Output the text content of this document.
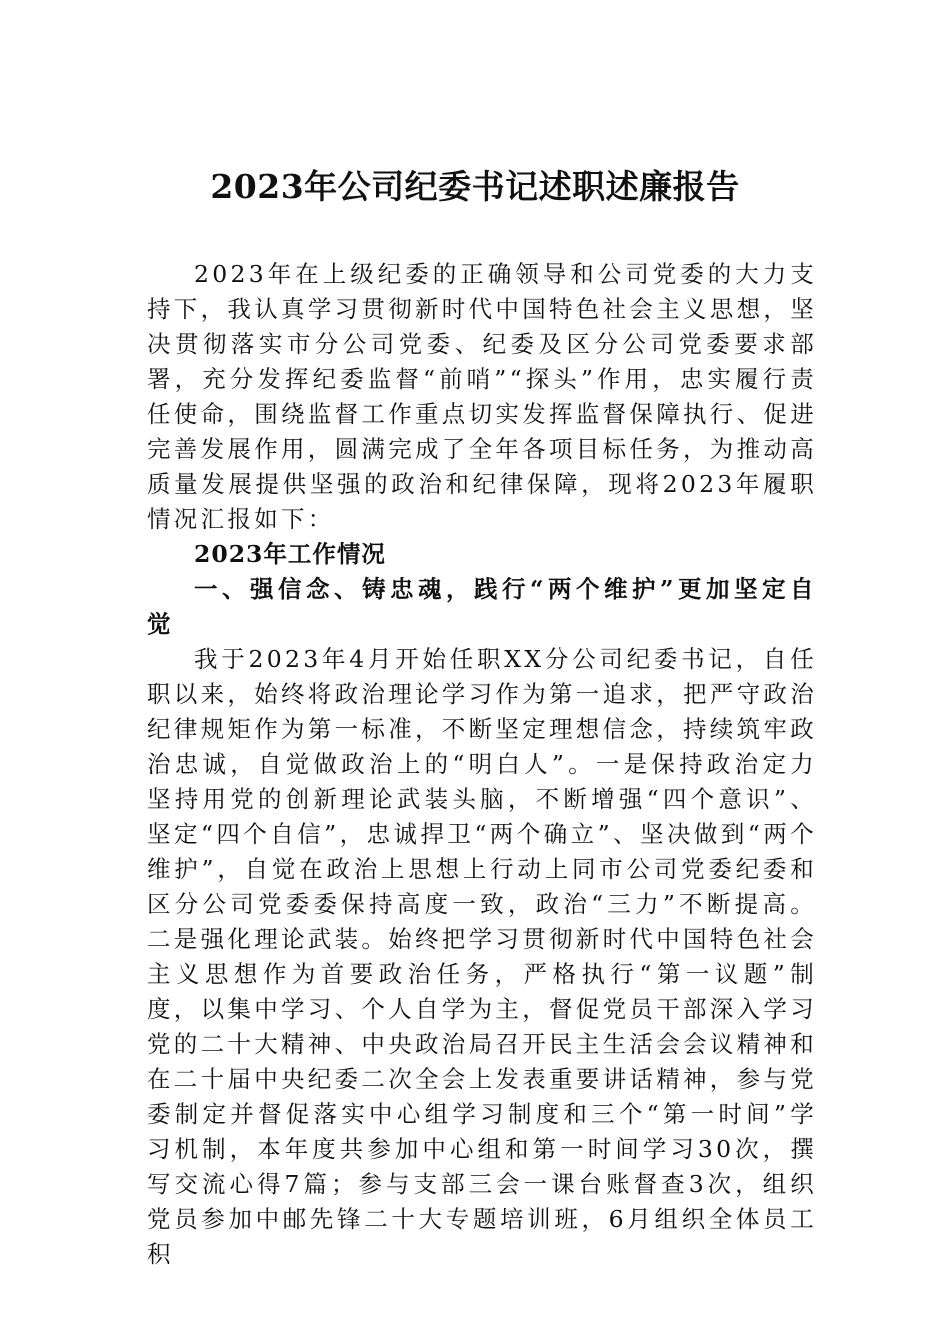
2023年公司纪委书记述职述廉报告

2023年在上级纪委的正确领导和公司党委的大力支持下，我认真学习贯彻新时代中国特色社会主义思想，坚决贯彻落实市分公司党委、纪委及区分公司党委要求部署，充分发挥纪委监督“前哨”“探头”作用，忠实履行责任使命，围绕监督工作重点切实发挥监督保障执行、促进完善发展作用，圆满完成了全年各项目标任务，为推动高质量发展提供坚强的政治和纪律保障，现将2023年履职情况汇报如下：

2023年工作情况

一、强信念、铸忠魂，践行“两个维护”更加坚定自觉

我于2023年4月开始任职XX分公司纪委书记，自任职以来，始终将政治理论学习作为第一追求，把严守政治纪律规矩作为第一标准，不断坚定理想信念，持续筑牢政治忠诚，自觉做政治上的“明白人”。一是保持政治定力坚持用党的创新理论武装头脑，不断增强“四个意识”、坚定“四个自信”，忠诚捍卫“两个确立”、坚决做到“两个维护”，自觉在政治上思想上行动上同市公司党委纪委和区分公司党委委保持高度一致，政治“三力”不断提高。二是强化理论武装。始终把学习贯彻新时代中国特色社会主义思想作为首要政治任务，严格执行“第一议题”制度，以集中学习、个人自学为主，督促党员干部深入学习党的二十大精神、中央政治局召开民主生活会会议精神和在二十届中央纪委二次全会上发表重要讲话精神，参与党委制定并督促落实中心组学习制度和三个“第一时间”学习机制，本年度共参加中心组和第一时间学习30次，撰写交流心得7篇；参与支部三会一课台账督查3次，组织党员参加中邮先锋二十大专题培训班，6月组织全体员工积
